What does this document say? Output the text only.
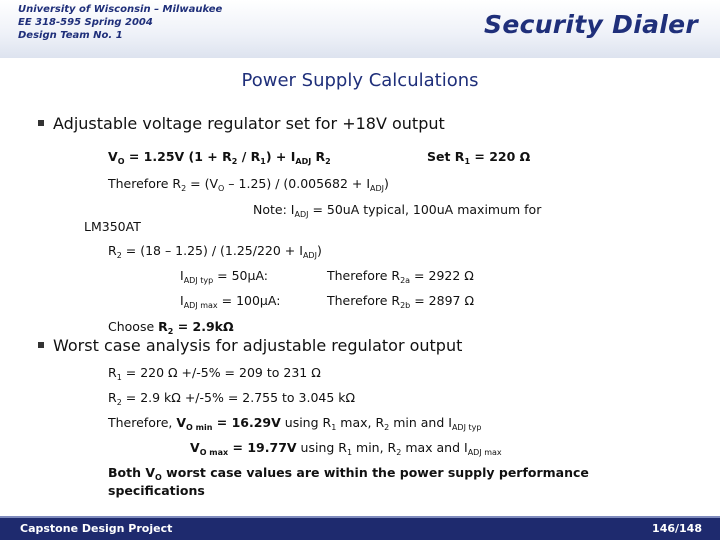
University of Wisconsin – Milwaukee
EE 318-595 Spring 2004
Design Team No. 1	Security Dialer
Power Supply Calculations
Adjustable voltage regulator set for +18V output
$V_O = 1.25V$ $(1 + R_2 / R_1) + I_{ADJ}$ $R_2$	Set $R_1 = 220$ Ω
Therefore $R_2 = (V_O - 1.25) / (0.005682 + I_{ADJ})$
Note: $I_{ADJ} = 50uA$ typical, 100uA maximum for
LM350AT
$R_2 = (18 - 1.25) / (1.25/220 + I_{ADJ})$
$I_{ADJ typ} = 50\mu A$:	Therefore $R_{2a} = 2922$ Ω
$I_{ADJ max} = 100\mu A$:	Therefore $R_{2b} = 2897$ Ω
Choose $R_2 = 2.9k\Omega$
Worst case analysis for adjustable regulator output
$R_1 = 220$ Ω +/-5% = 209 to 231 Ω
$R_2 = 2.9$ kΩ +/-5% = 2.755 to 3.045 kΩ
Therefore, $V_{O min} = 16.29V$ using $R_1$ max, $R_2$ min and $I_{ADJ typ}$
$V_{O max} = 19.77V$ using $R_1$ min, $R_2$ max and $I_{ADJ max}$
Both $V_O$ worst case values are within the power supply performance
specifications
Capstone Design Project	146/148
